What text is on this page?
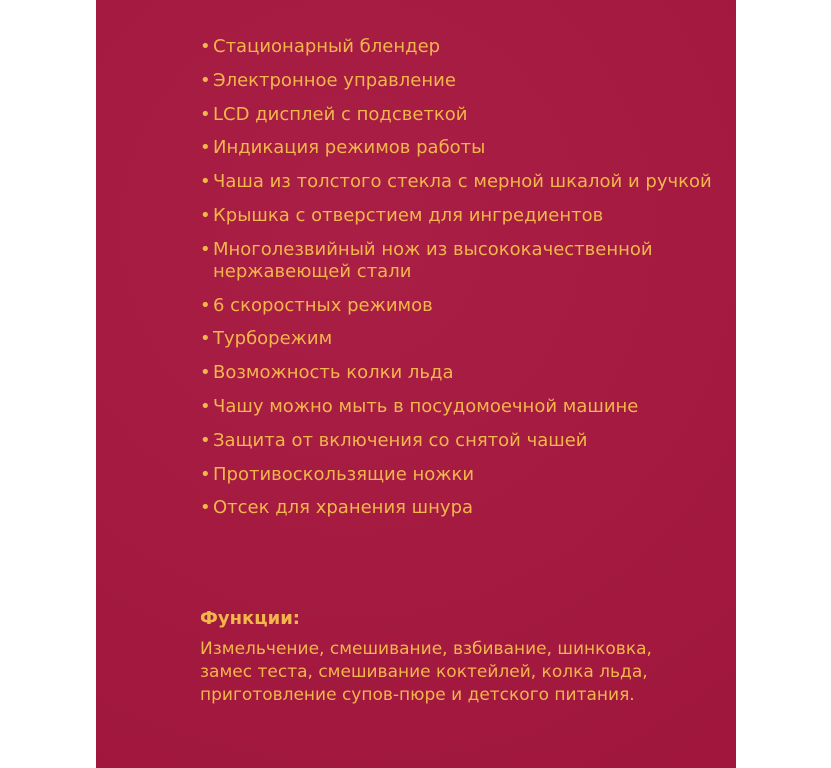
• Стационарный блендер
• Электронное управление
• LCD дисплей с подсветкой
• Индикация режимов работы
• Чаша из толстого стекла с мерной шкалой и ручкой
• Крышка с отверстием для ингредиентов
• Многолезвийный нож из высококачественной
нержавеющей стали
• 6 скоростных режимов
• Турборежим
• Возможность колки льда
• Чашу можно мыть в посудомоечной машине
• Защита от включения со снятой чашей
• Противоскользящие ножки
• Отсек для хранения шнура
Функции:
Измельчение, смешивание, взбивание, шинковка,
замес теста, смешивание коктейлей, колка льда,
приготовление супов-пюре и детского питания.
